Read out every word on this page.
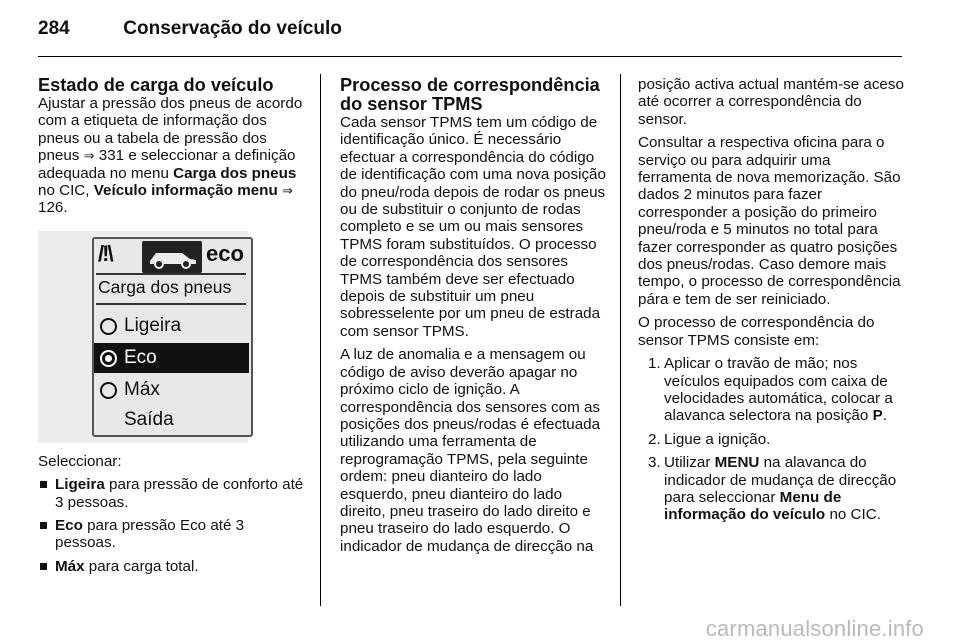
284	Conservação do veículo
Estado de carga do veículo

Ajustar a pressão dos pneus de acordo com a etiqueta de informação dos pneus ou a tabela de pressão dos pneus ⇒ 331 e seleccionar a definição adequada no menu Carga dos pneus no CIC, Veículo informação menu ⇒ 126.

/!\	eco
Carga dos pneus
Ligeira
Eco
Máx
Saída

Seleccionar:

Ligeira para pressão de conforto até 3 pessoas.
Eco para pressão Eco até 3 pessoas.
Máx para carga total.
Processo de correspondência do sensor TPMS

Cada sensor TPMS tem um código de identificação único. É necessário efectuar a correspondência do código de identificação com uma nova posição do pneu/roda depois de rodar os pneus ou de substituir o conjunto de rodas completo e se um ou mais sensores TPMS foram substituídos. O processo de correspondência dos sensores TPMS também deve ser efectuado depois de substituir um pneu sobresselente por um pneu de estrada com sensor TPMS.

A luz de anomalia e a mensagem ou código de aviso deverão apagar no próximo ciclo de ignição. A correspondência dos sensores com as posições dos pneus/rodas é efectuada utilizando uma ferramenta de reprogramação TPMS, pela seguinte ordem: pneu dianteiro do lado esquerdo, pneu dianteiro do lado direito, pneu traseiro do lado direito e pneu traseiro do lado esquerdo. O indicador de mudança de direcção na

posição activa actual mantém-se aceso até ocorrer a correspondência do sensor.

Consultar a respectiva oficina para o serviço ou para adquirir uma ferramenta de nova memorização. São dados 2 minutos para fazer corresponder a posição do primeiro pneu/roda e 5 minutos no total para fazer corresponder as quatro posições dos pneus/rodas. Caso demore mais tempo, o processo de correspondência pára e tem de ser reiniciado.

O processo de correspondência do sensor TPMS consiste em:

1. Aplicar o travão de mão; nos veículos equipados com caixa de velocidades automática, colocar a alavanca selectora na posição P.
2. Ligue a ignição.
3. Utilizar MENU na alavanca do indicador de mudança de direcção para seleccionar Menu de informação do veículo no CIC.
carmanualsonline.info
